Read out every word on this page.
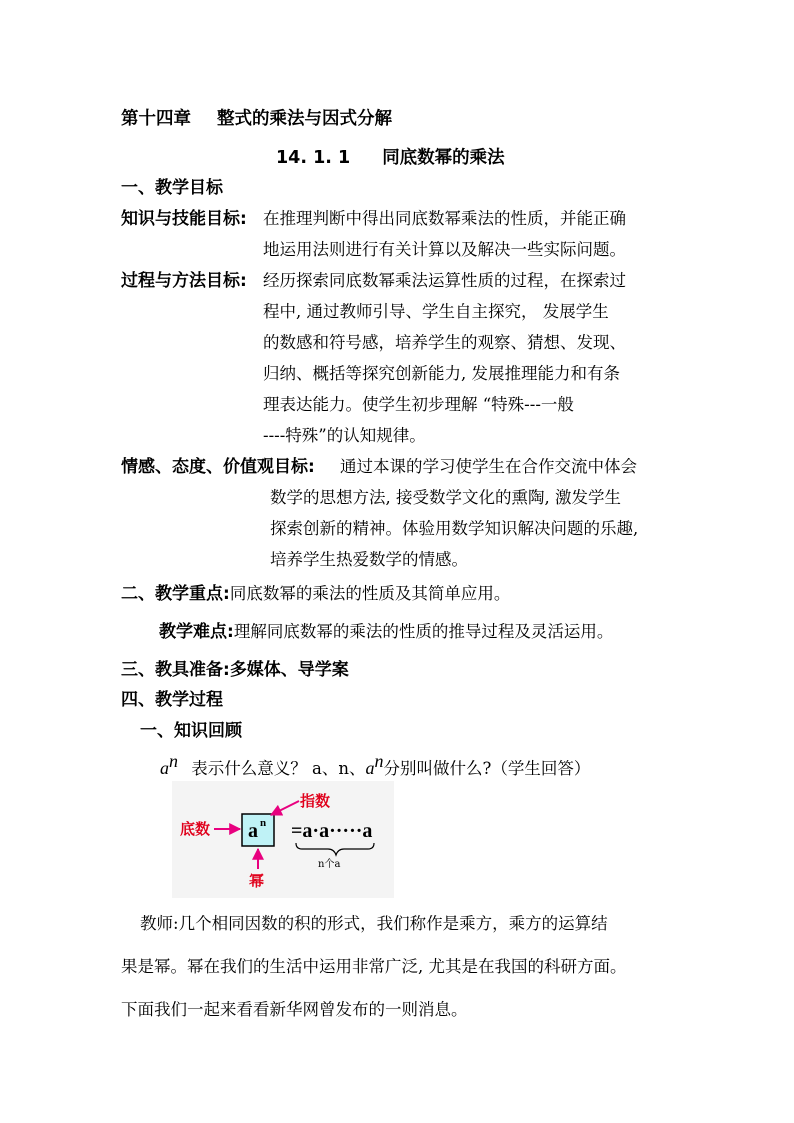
第十四章 整式的乘法与因式分解
14. 1. 1 同底数幂的乘法
一、教学目标
知识与技能目标: 在推理判断中得出同底数幂乘法的性质，并能正确
地运用法则进行有关计算以及解决一些实际问题。
过程与方法目标: 经历探索同底数幂乘法运算性质的过程，在探索过
程中, 通过教师引导、学生自主探究， 发展学生
的数感和符号感，培养学生的观察、猜想、发现、
归纳、概括等探究创新能力, 发展推理能力和有条
理表达能力。使学生初步理解 “特殊---一般
----特殊”的认知规律。
情感、态度、价值观目标: 通过本课的学习使学生在合作交流中体会
数学的思想方法, 接受数学文化的熏陶, 激发学生
探索创新的精神。体验用数学知识解决问题的乐趣,
培养学生热爱数学的情感。
二、教学重点:同底数幂的乘法的性质及其简单应用。
教学难点:理解同底数幂的乘法的性质的推导过程及灵活运用。
三、教具准备:多媒体、导学案
四、教学过程
一、知识回顾
$a^n$ 表示什么意义？ a、n、$a^n$分别叫做什么?（学生回答）
底数 a n
指数
幂
=a·a·····a
n个a
教师:几个相同因数的积的形式，我们称作是乘方，乘方的运算结
果是幂。幂在我们的生活中运用非常广泛, 尤其是在我国的科研方面。
下面我们一起来看看新华网曾发布的一则消息。
